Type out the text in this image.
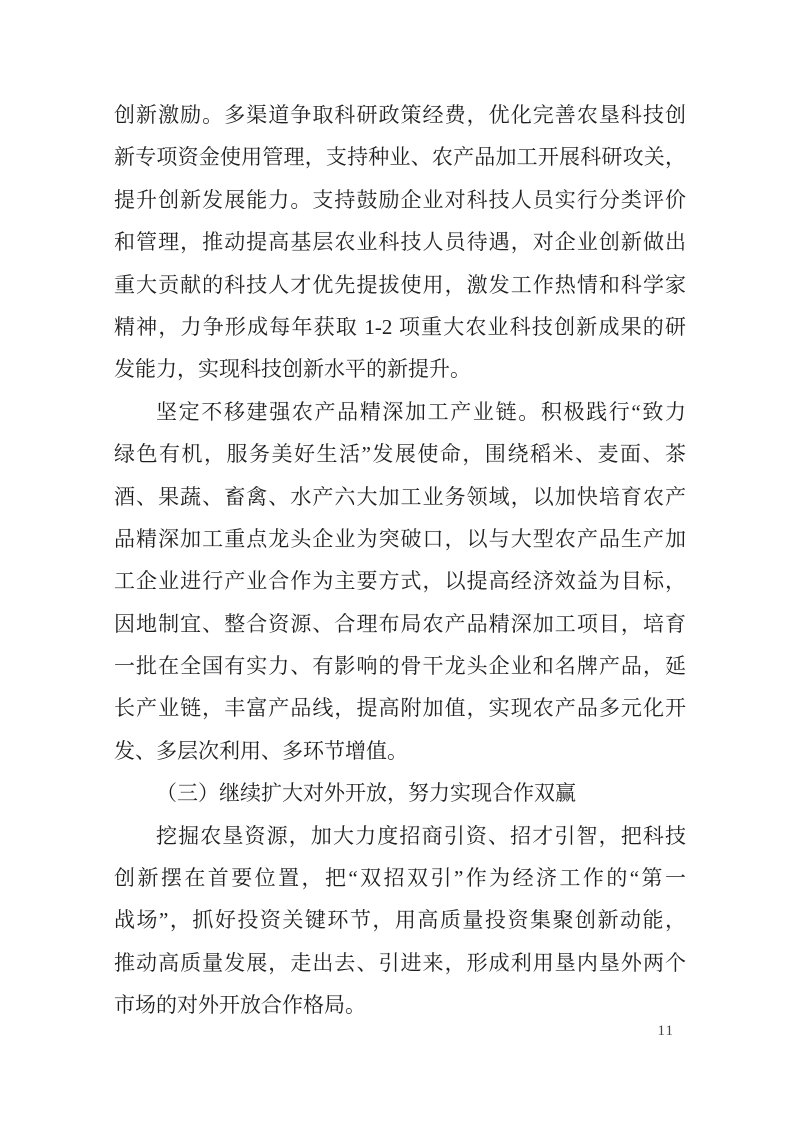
创新激励。多渠道争取科研政策经费，优化完善农垦科技创

新专项资金使用管理，支持种业、农产品加工开展科研攻关，

提升创新发展能力。支持鼓励企业对科技人员实行分类评价

和管理，推动提高基层农业科技人员待遇，对企业创新做出

重大贡献的科技人才优先提拔使用，激发工作热情和科学家

精神，力争形成每年获取 1-2 项重大农业科技创新成果的研

发能力，实现科技创新水平的新提升。

坚定不移建强农产品精深加工产业链。积极践行“致力

绿色有机，服务美好生活”发展使命，围绕稻米、麦面、茶

酒、果蔬、畜禽、水产六大加工业务领域，以加快培育农产

品精深加工重点龙头企业为突破口，以与大型农产品生产加

工企业进行产业合作为主要方式，以提高经济效益为目标，

因地制宜、整合资源、合理布局农产品精深加工项目，培育

一批在全国有实力、有影响的骨干龙头企业和名牌产品，延

长产业链，丰富产品线，提高附加值，实现农产品多元化开

发、多层次利用、多环节增值。

（三）继续扩大对外开放，努力实现合作双赢

挖掘农垦资源，加大力度招商引资、招才引智，把科技

创新摆在首要位置，把“双招双引”作为经济工作的“第一

战场”，抓好投资关键环节，用高质量投资集聚创新动能，

推动高质量发展，走出去、引进来，形成利用垦内垦外两个

市场的对外开放合作格局。

11
